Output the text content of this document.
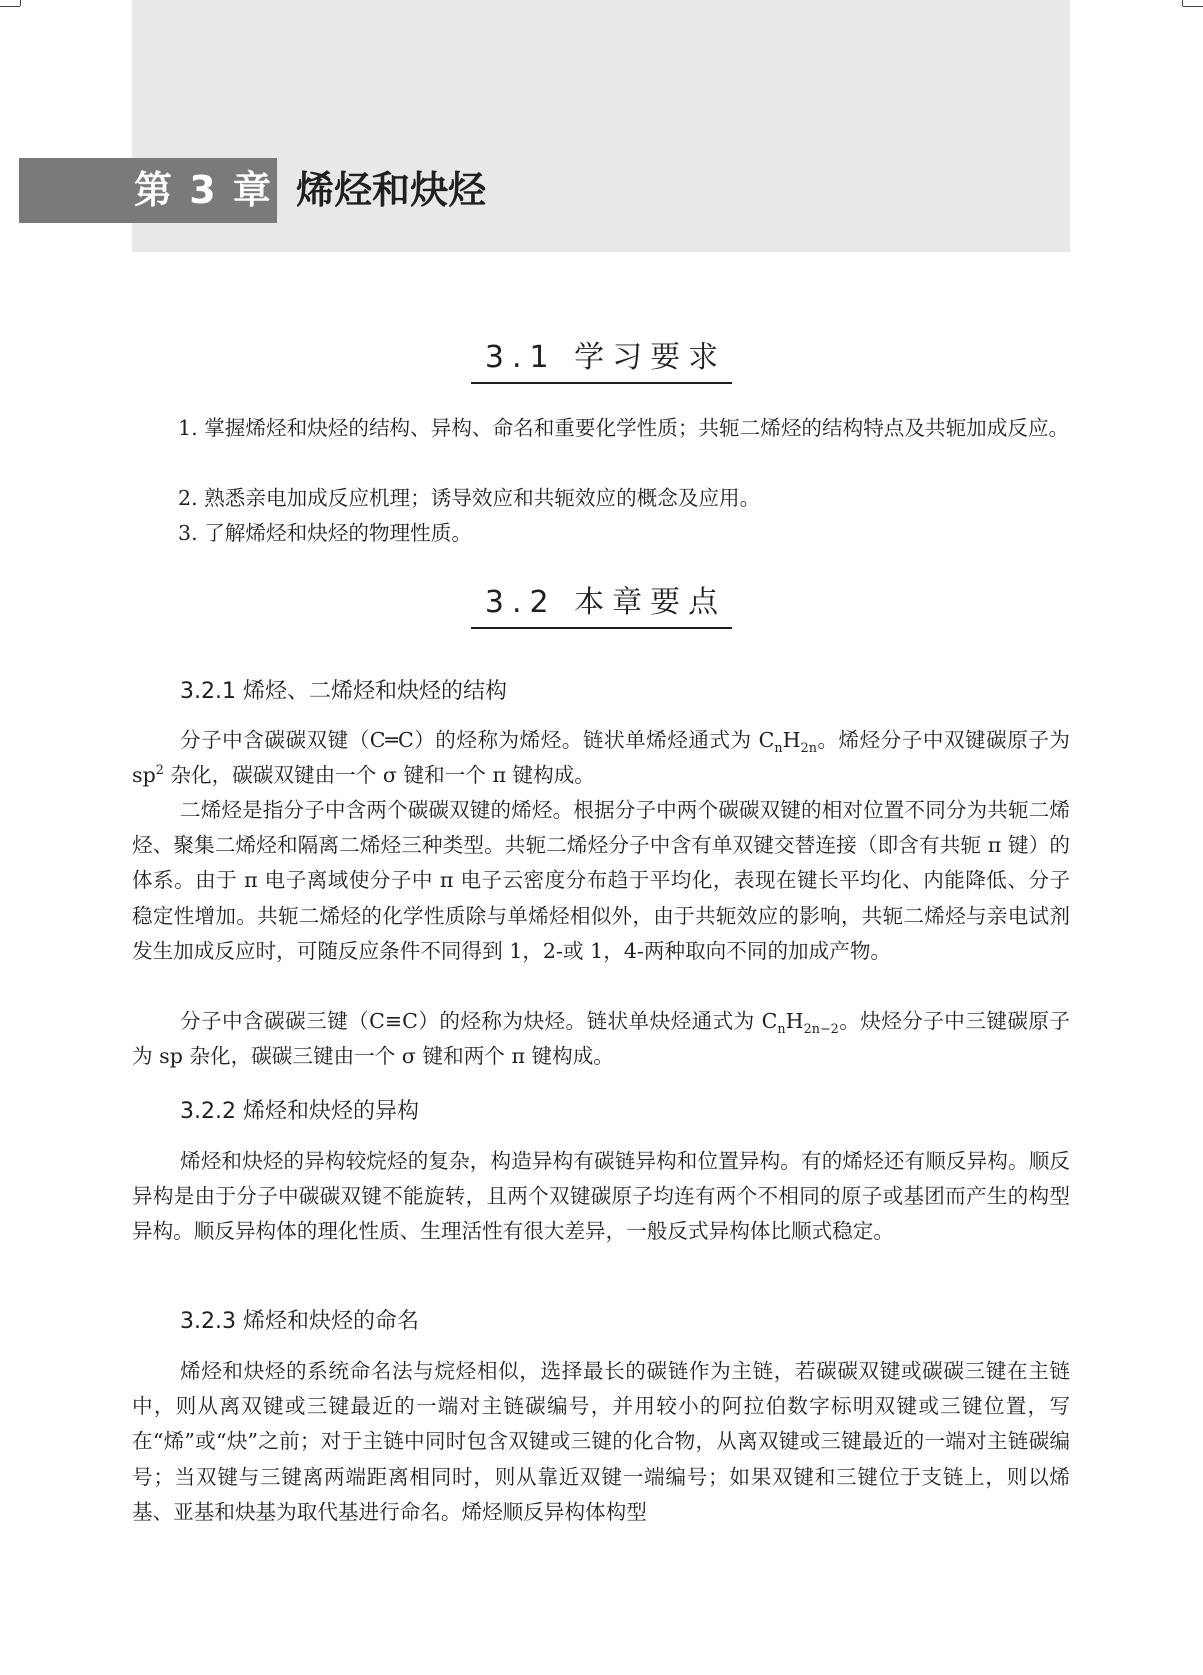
第 3 章 烯烃和炔烃
3.1 学习要求

1. 掌握烯烃和炔烃的结构、异构、命名和重要化学性质；共轭二烯烃的结构特点及共轭加成反应。

2. 熟悉亲电加成反应机理；诱导效应和共轭效应的概念及应用。

3. 了解烯烃和炔烃的物理性质。

3.2 本章要点
3.2.1 烯烃、二烯烃和炔烃的结构

分子中含碳碳双键（C═C）的烃称为烯烃。链状单烯烃通式为 $C_nH_{2n}$。烯烃分子中双键碳原子为 $sp^2$ 杂化，碳碳双键由一个 σ 键和一个 π 键构成。

二烯烃是指分子中含两个碳碳双键的烯烃。根据分子中两个碳碳双键的相对位置不同分为共轭二烯烃、聚集二烯烃和隔离二烯烃三种类型。共轭二烯烃分子中含有单双键交替连接（即含有共轭 π 键）的体系。由于 π 电子离域使分子中 π 电子云密度分布趋于平均化，表现在键长平均化、内能降低、分子稳定性增加。共轭二烯烃的化学性质除与单烯烃相似外，由于共轭效应的影响，共轭二烯烃与亲电试剂发生加成反应时，可随反应条件不同得到 1，2-或 1，4-两种取向不同的加成产物。

分子中含碳碳三键（C≡C）的烃称为炔烃。链状单炔烃通式为 $C_nH_{2n-2}$。炔烃分子中三键碳原子为 sp 杂化，碳碳三键由一个 σ 键和两个 π 键构成。

3.2.2 烯烃和炔烃的异构

烯烃和炔烃的异构较烷烃的复杂，构造异构有碳链异构和位置异构。有的烯烃还有顺反异构。顺反异构是由于分子中碳碳双键不能旋转，且两个双键碳原子均连有两个不相同的原子或基团而产生的构型异构。顺反异构体的理化性质、生理活性有很大差异，一般反式异构体比顺式稳定。

3.2.3 烯烃和炔烃的命名

烯烃和炔烃的系统命名法与烷烃相似，选择最长的碳链作为主链，若碳碳双键或碳碳三键在主链中，则从离双键或三键最近的一端对主链碳编号，并用较小的阿拉伯数字标明双键或三键位置，写在“烯”或“炔”之前；对于主链中同时包含双键或三键的化合物，从离双键或三键最近的一端对主链碳编号；当双键与三键离两端距离相同时，则从靠近双键一端编号；如果双键和三键位于支链上，则以烯基、亚基和炔基为取代基进行命名。烯烃顺反异构体构型
